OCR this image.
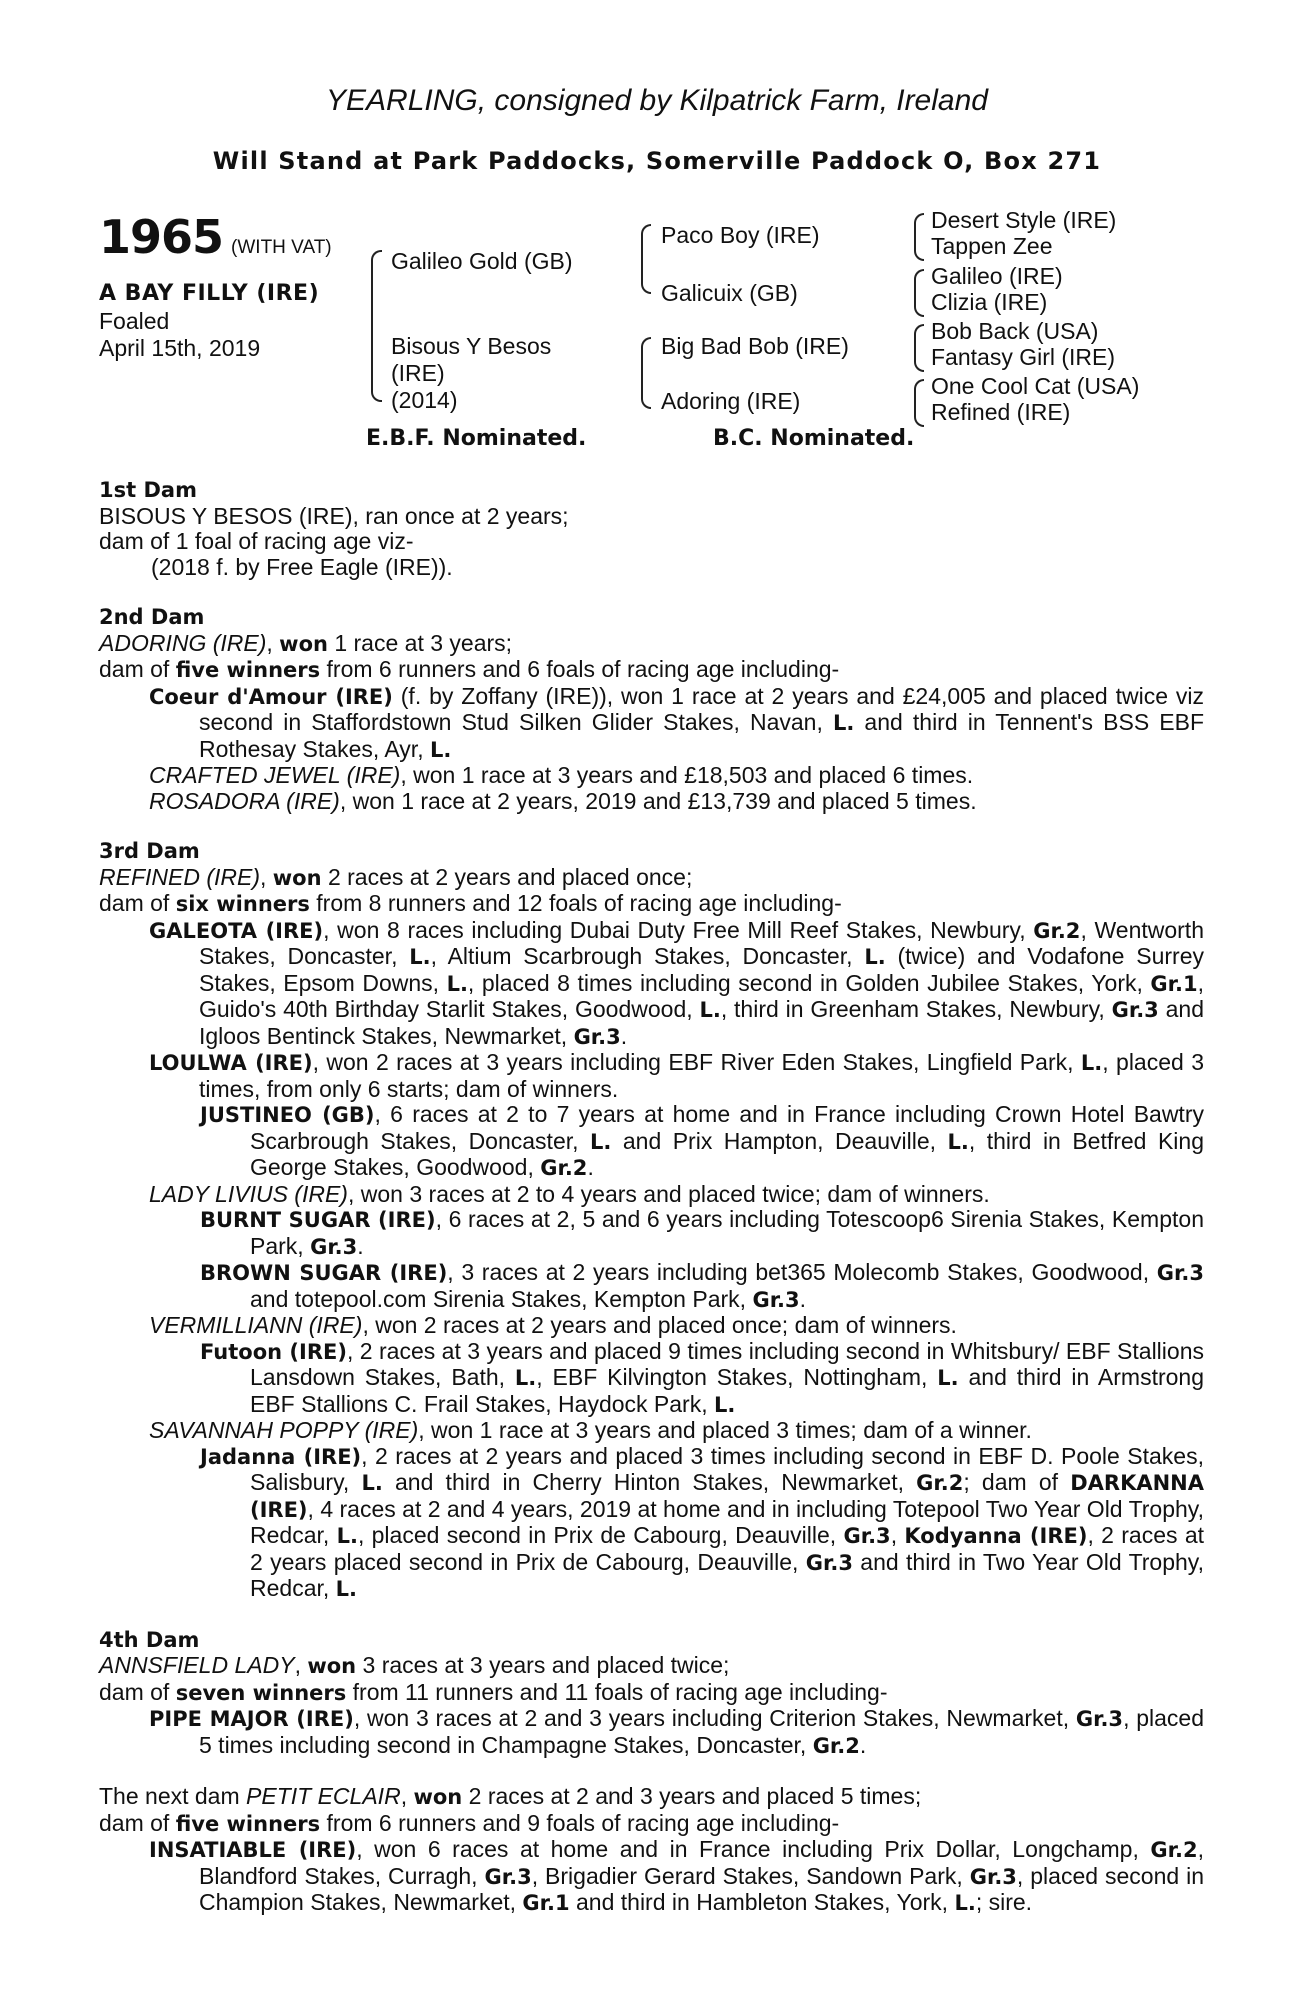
YEARLING, consigned by Kilpatrick Farm, Ireland
Will Stand at Park Paddocks, Somerville Paddock O, Box 271
1965 (WITH VAT)
A BAY FILLY (IRE)
Foaled
April 15th, 2019
Galileo Gold (GB)
Bisous Y Besos
(IRE)
(2014)
Paco Boy (IRE)
Galicuix (GB)
Big Bad Bob (IRE)
Adoring (IRE)
Desert Style (IRE)
Tappen Zee
Galileo (IRE)
Clizia (IRE)
Bob Back (USA)
Fantasy Girl (IRE)
One Cool Cat (USA)
Refined (IRE)
E.B.F. Nominated.	B.C. Nominated.
1st Dam
BISOUS Y BESOS (IRE), ran once at 2 years;
dam of 1 foal of racing age viz-
(2018 f. by Free Eagle (IRE)).
2nd Dam
ADORING (IRE), won 1 race at 3 years;
dam of five winners from 6 runners and 6 foals of racing age including-
Coeur d'Amour (IRE) (f. by Zoffany (IRE)), won 1 race at 2 years and £24,005 and placed twice viz second in Staffordstown Stud Silken Glider Stakes, Navan, L. and third in Tennent's BSS EBF Rothesay Stakes, Ayr, L.
CRAFTED JEWEL (IRE), won 1 race at 3 years and £18,503 and placed 6 times.
ROSADORA (IRE), won 1 race at 2 years, 2019 and £13,739 and placed 5 times.
3rd Dam
REFINED (IRE), won 2 races at 2 years and placed once;
dam of six winners from 8 runners and 12 foals of racing age including-
GALEOTA (IRE), won 8 races including Dubai Duty Free Mill Reef Stakes, Newbury, Gr.2, Wentworth Stakes, Doncaster, L., Altium Scarbrough Stakes, Doncaster, L. (twice) and Vodafone Surrey Stakes, Epsom Downs, L., placed 8 times including second in Golden Jubilee Stakes, York, Gr.1, Guido's 40th Birthday Starlit Stakes, Goodwood, L., third in Greenham Stakes, Newbury, Gr.3 and Igloos Bentinck Stakes, Newmarket, Gr.3.
LOULWA (IRE), won 2 races at 3 years including EBF River Eden Stakes, Lingfield Park, L., placed 3 times, from only 6 starts; dam of winners.
JUSTINEO (GB), 6 races at 2 to 7 years at home and in France including Crown Hotel Bawtry Scarbrough Stakes, Doncaster, L. and Prix Hampton, Deauville, L., third in Betfred King George Stakes, Goodwood, Gr.2.
LADY LIVIUS (IRE), won 3 races at 2 to 4 years and placed twice; dam of winners.
BURNT SUGAR (IRE), 6 races at 2, 5 and 6 years including Totescoop6 Sirenia Stakes, Kempton Park, Gr.3.
BROWN SUGAR (IRE), 3 races at 2 years including bet365 Molecomb Stakes, Goodwood, Gr.3 and totepool.com Sirenia Stakes, Kempton Park, Gr.3.
VERMILLIANN (IRE), won 2 races at 2 years and placed once; dam of winners.
Futoon (IRE), 2 races at 3 years and placed 9 times including second in Whitsbury/ EBF Stallions Lansdown Stakes, Bath, L., EBF Kilvington Stakes, Nottingham, L. and third in Armstrong EBF Stallions C. Frail Stakes, Haydock Park, L.
SAVANNAH POPPY (IRE), won 1 race at 3 years and placed 3 times; dam of a winner.
Jadanna (IRE), 2 races at 2 years and placed 3 times including second in EBF D. Poole Stakes, Salisbury, L. and third in Cherry Hinton Stakes, Newmarket, Gr.2; dam of DARKANNA (IRE), 4 races at 2 and 4 years, 2019 at home and in including Totepool Two Year Old Trophy, Redcar, L., placed second in Prix de Cabourg, Deauville, Gr.3, Kodyanna (IRE), 2 races at 2 years placed second in Prix de Cabourg, Deauville, Gr.3 and third in Two Year Old Trophy, Redcar, L.
4th Dam
ANNSFIELD LADY, won 3 races at 3 years and placed twice;
dam of seven winners from 11 runners and 11 foals of racing age including-
PIPE MAJOR (IRE), won 3 races at 2 and 3 years including Criterion Stakes, Newmarket, Gr.3, placed 5 times including second in Champagne Stakes, Doncaster, Gr.2.
The next dam PETIT ECLAIR, won 2 races at 2 and 3 years and placed 5 times;
dam of five winners from 6 runners and 9 foals of racing age including-
INSATIABLE (IRE), won 6 races at home and in France including Prix Dollar, Longchamp, Gr.2, Blandford Stakes, Curragh, Gr.3, Brigadier Gerard Stakes, Sandown Park, Gr.3, placed second in Champion Stakes, Newmarket, Gr.1 and third in Hambleton Stakes, York, L.; sire.
